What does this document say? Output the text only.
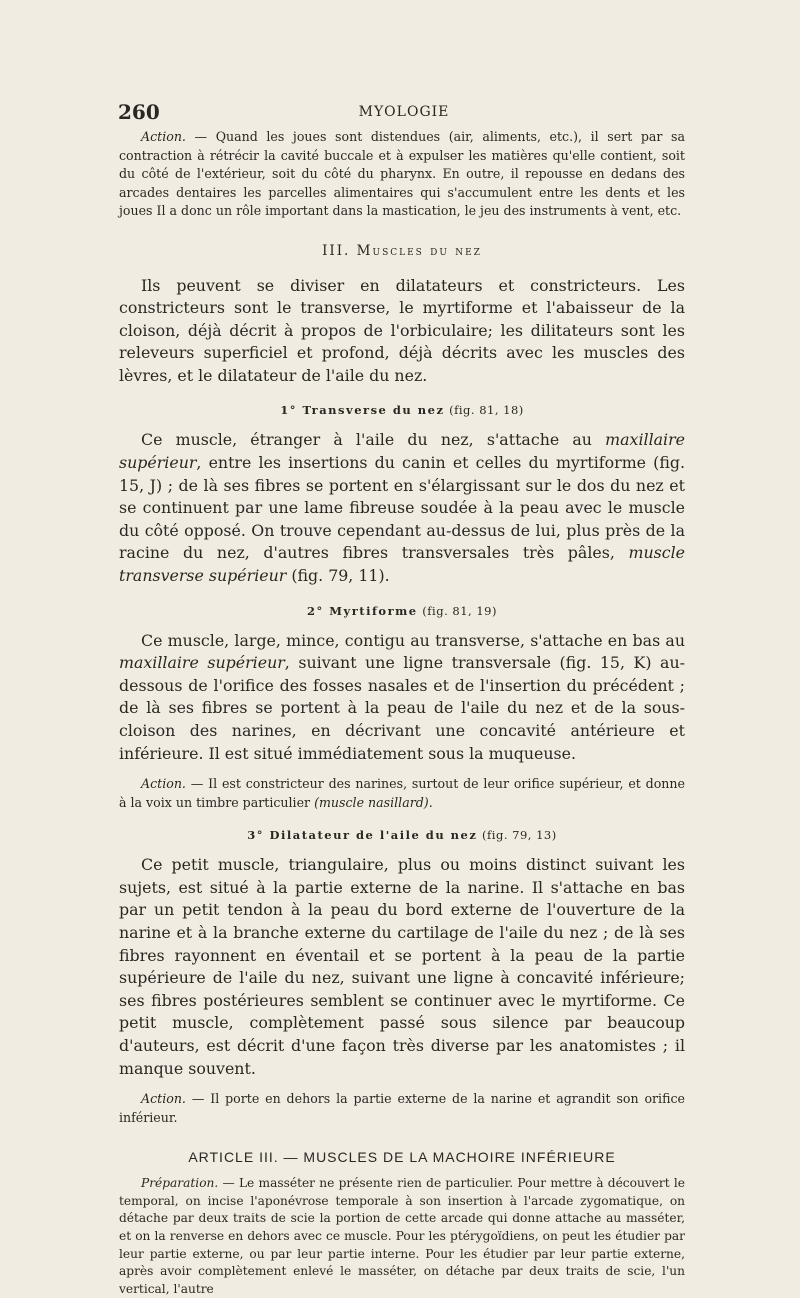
260	MYOLOGIE

Action. — Quand les joues sont distendues (air, aliments, etc.), il sert par sa contraction à rétrécir la cavité buccale et à expulser les matières qu'elle contient, soit du côté de l'extérieur, soit du côté du pharynx. En outre, il repousse en dedans des arcades dentaires les parcelles alimentaires qui s'accumulent entre les dents et les joues Il a donc un rôle important dans la mastication, le jeu des instruments à vent, etc.

III. Muscles du nez

Ils peuvent se diviser en dilatateurs et constricteurs. Les constricteurs sont le transverse, le myrtiforme et l'abaisseur de la cloison, déjà décrit à propos de l'orbiculaire; les dilitateurs sont les releveurs superficiel et profond, déjà décrits avec les muscles des lèvres, et le dilatateur de l'aile du nez.

1° Transverse du nez (fig. 81, 18)

Ce muscle, étranger à l'aile du nez, s'attache au maxillaire supérieur, entre les insertions du canin et celles du myrtiforme (fig. 15, J) ; de là ses fibres se portent en s'élargissant sur le dos du nez et se continuent par une lame fibreuse soudée à la peau avec le muscle du côté opposé. On trouve cependant au-dessus de lui, plus près de la racine du nez, d'autres fibres transversales très pâles, muscle transverse supérieur (fig. 79, 11).

2° Myrtiforme (fig. 81, 19)

Ce muscle, large, mince, contigu au transverse, s'attache en bas au maxillaire supérieur, suivant une ligne transversale (fig. 15, K) au-dessous de l'orifice des fosses nasales et de l'insertion du précédent ; de là ses fibres se portent à la peau de l'aile du nez et de la sous-cloison des narines, en décrivant une concavité antérieure et inférieure. Il est situé immédiatement sous la muqueuse.

Action. — Il est constricteur des narines, surtout de leur orifice supérieur, et donne à la voix un timbre particulier (muscle nasillard).

3° Dilatateur de l'aile du nez (fig. 79, 13)

Ce petit muscle, triangulaire, plus ou moins distinct suivant les sujets, est situé à la partie externe de la narine. Il s'attache en bas par un petit tendon à la peau du bord externe de l'ouverture de la narine et à la branche externe du cartilage de l'aile du nez ; de là ses fibres rayonnent en éventail et se portent à la peau de la partie supérieure de l'aile du nez, suivant une ligne à concavité inférieure; ses fibres postérieures semblent se continuer avec le myrtiforme. Ce petit muscle, complètement passé sous silence par beaucoup d'auteurs, est décrit d'une façon très diverse par les anatomistes ; il manque souvent.

Action. — Il porte en dehors la partie externe de la narine et agrandit son orifice inférieur.

ARTICLE III. — MUSCLES DE LA MACHOIRE INFÉRIEURE

Préparation. — Le masséter ne présente rien de particulier. Pour mettre à découvert le temporal, on incise l'aponévrose temporale à son insertion à l'arcade zygomatique, on détache par deux traits de scie la portion de cette arcade qui donne attache au masséter, et on la renverse en dehors avec ce muscle. Pour les ptérygoïdiens, on peut les étudier par leur partie externe, ou par leur partie interne. Pour les étudier par leur partie externe, après avoir complètement enlevé le masséter, on détache par deux traits de scie, l'un vertical, l'autre
